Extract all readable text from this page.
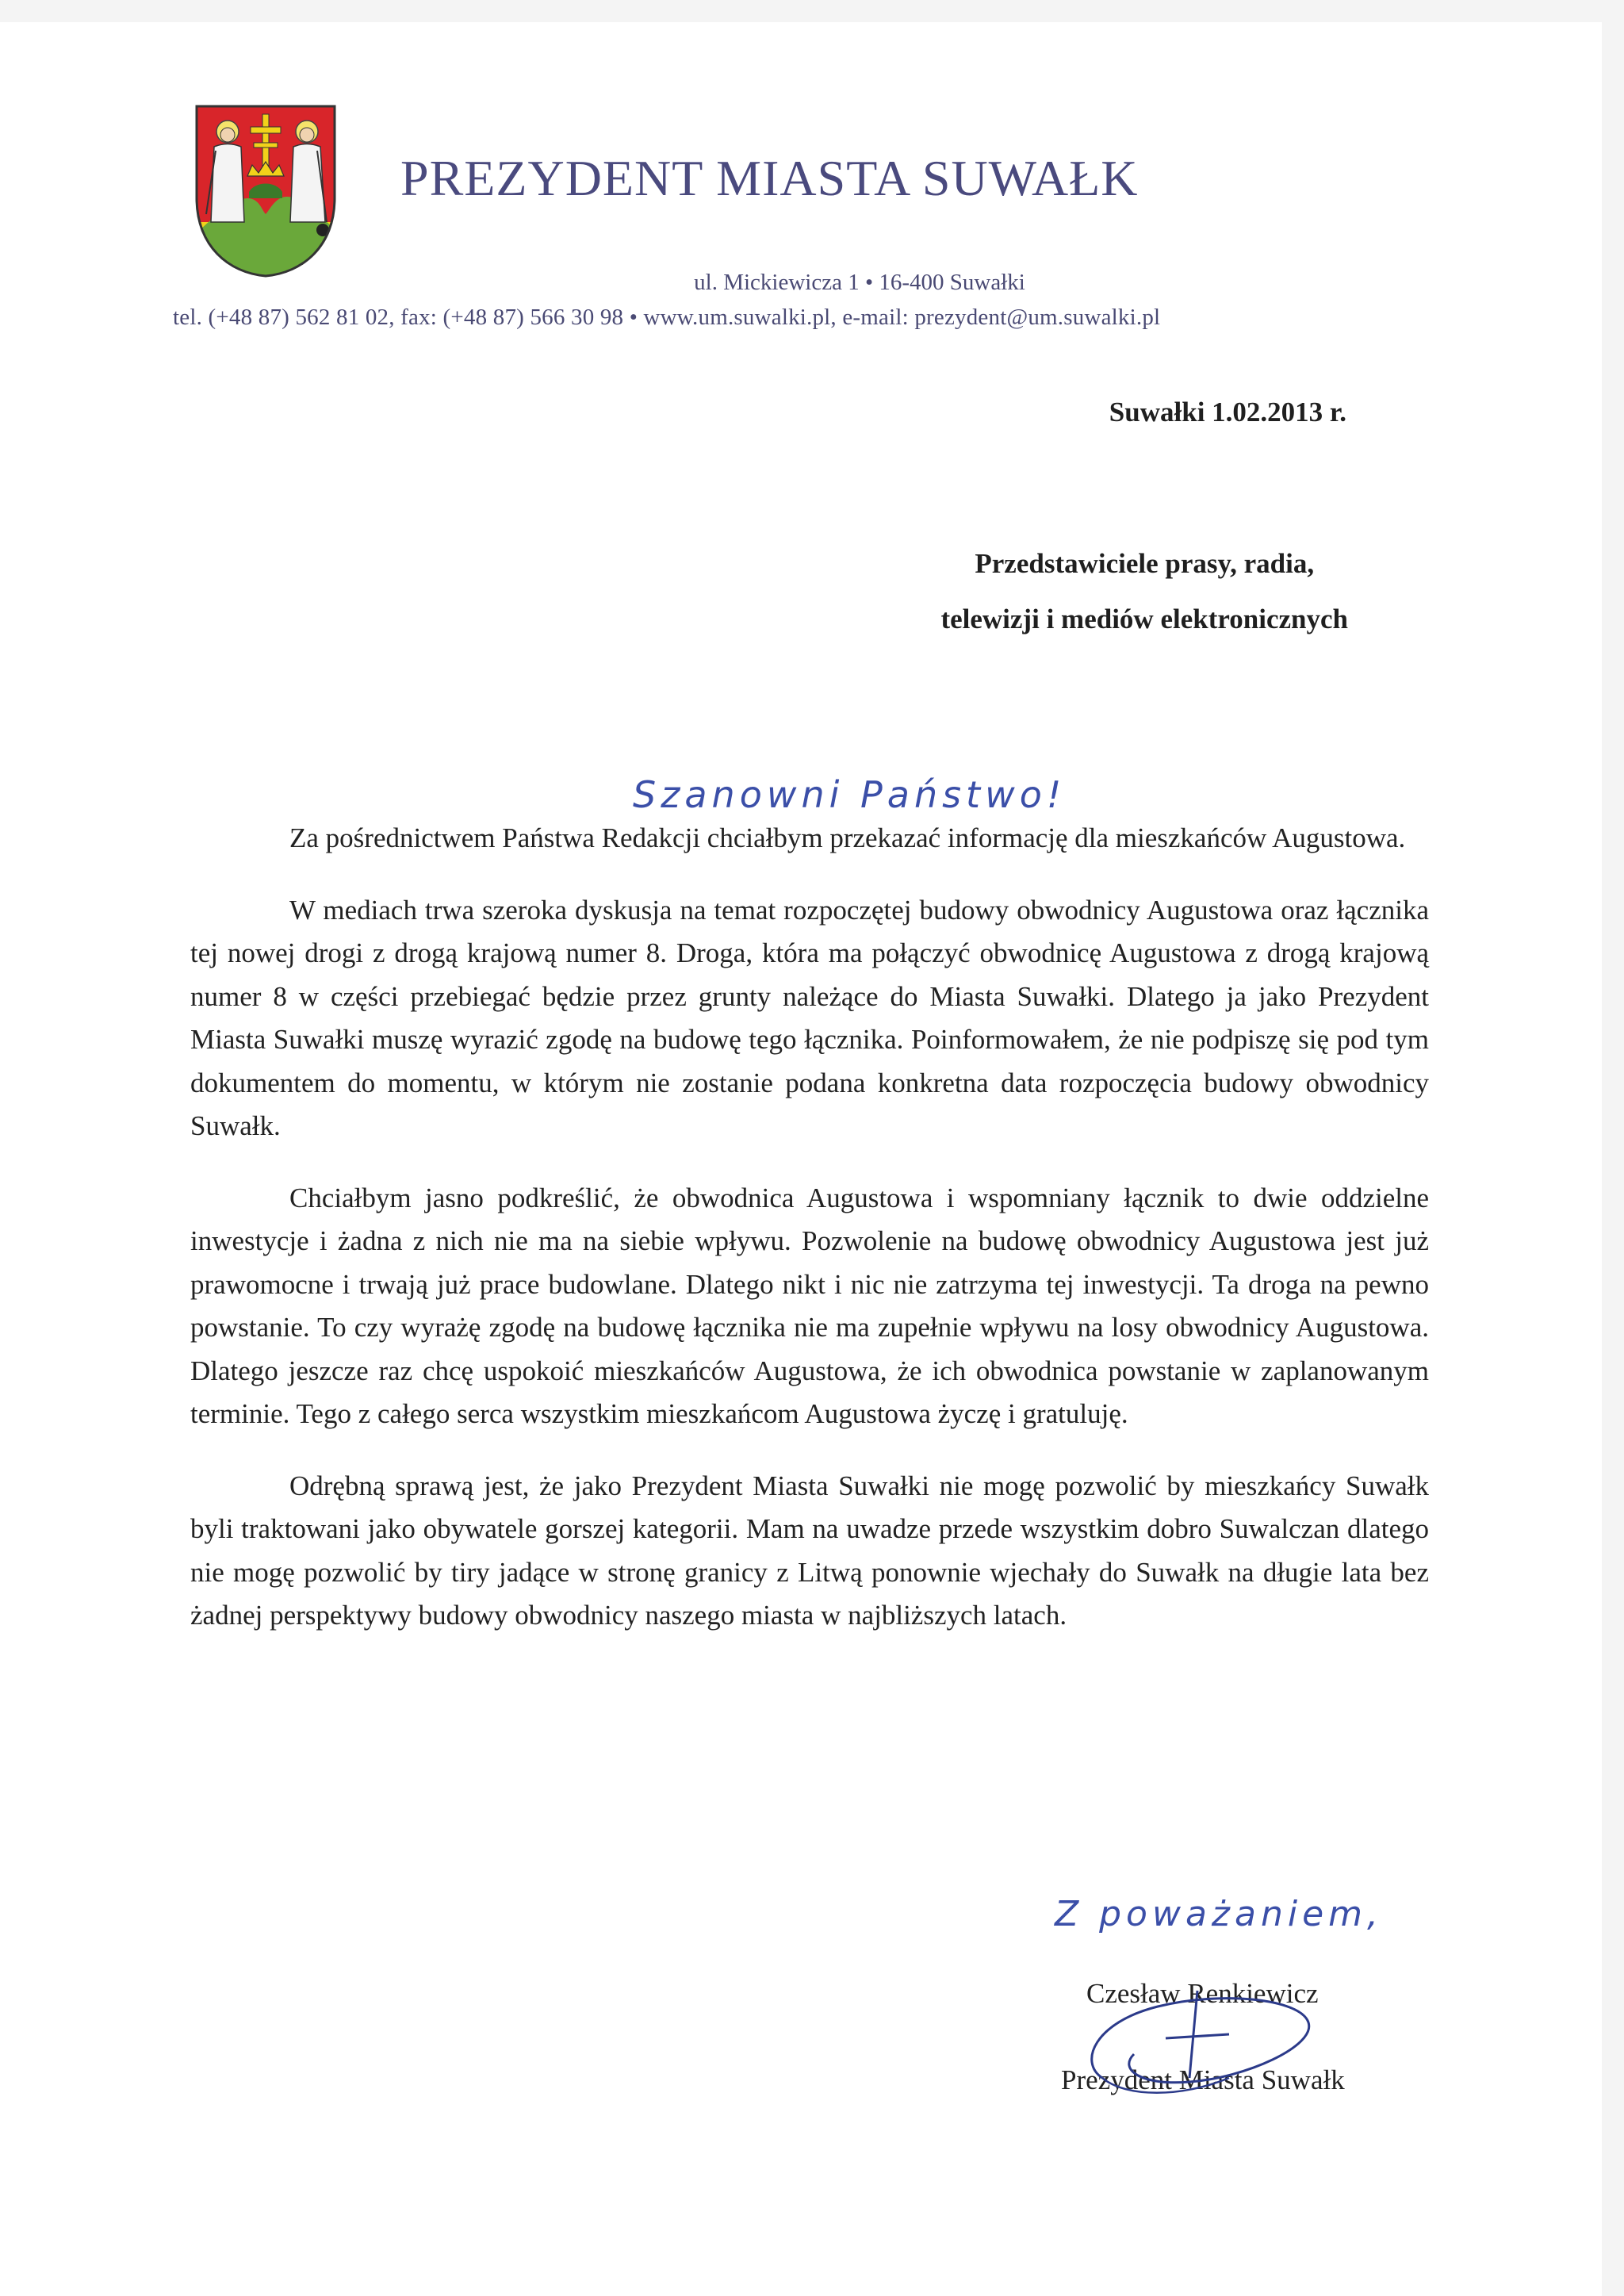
PREZYDENT MIASTA SUWAŁK
ul. Mickiewicza 1 • 16-400 Suwałki
tel. (+48 87) 562 81 02, fax: (+48 87) 566 30 98 • www.um.suwalki.pl, e-mail: prezydent@um.suwalki.pl
Suwałki 1.02.2013 r.
Przedstawiciele prasy, radia,
telewizji i mediów elektronicznych
Szanowni Państwo!

Za pośrednictwem Państwa Redakcji chciałbym przekazać informację dla mieszkańców Augustowa.

W mediach trwa szeroka dyskusja na temat rozpoczętej budowy obwodnicy Augustowa oraz łącznika tej nowej drogi z drogą krajową numer 8. Droga, która ma połączyć obwodnicę Augustowa z drogą krajową numer 8 w części przebiegać będzie przez grunty należące do Miasta Suwałki. Dlatego ja jako Prezydent Miasta Suwałki muszę wyrazić zgodę na budowę tego łącznika. Poinformowałem, że nie podpiszę się pod tym dokumentem do momentu, w którym nie zostanie podana konkretna data rozpoczęcia budowy obwodnicy Suwałk.

Chciałbym jasno podkreślić, że obwodnica Augustowa i wspomniany łącznik to dwie oddzielne inwestycje i żadna z nich nie ma na siebie wpływu. Pozwolenie na budowę obwodnicy Augustowa jest już prawomocne i trwają już prace budowlane. Dlatego nikt i nic nie zatrzyma tej inwestycji. Ta droga na pewno powstanie. To czy wyrażę zgodę na budowę łącznika nie ma zupełnie wpływu na losy obwodnicy Augustowa. Dlatego jeszcze raz chcę uspokoić mieszkańców Augustowa, że ich obwodnica powstanie w zaplanowanym terminie. Tego z całego serca wszystkim mieszkańcom Augustowa życzę i gratuluję.

Odrębną sprawą jest, że jako Prezydent Miasta Suwałki nie mogę pozwolić by mieszkańcy Suwałk byli traktowani jako obywatele gorszej kategorii. Mam na uwadze przede wszystkim dobro Suwalczan dlatego nie mogę pozwolić by tiry jadące w stronę granicy z Litwą ponownie wjechały do Suwałk na długie lata bez żadnej perspektywy budowy obwodnicy naszego miasta w najbliższych latach.

Z poważaniem,
Czesław Renkiewicz
Prezydent Miasta Suwałk
